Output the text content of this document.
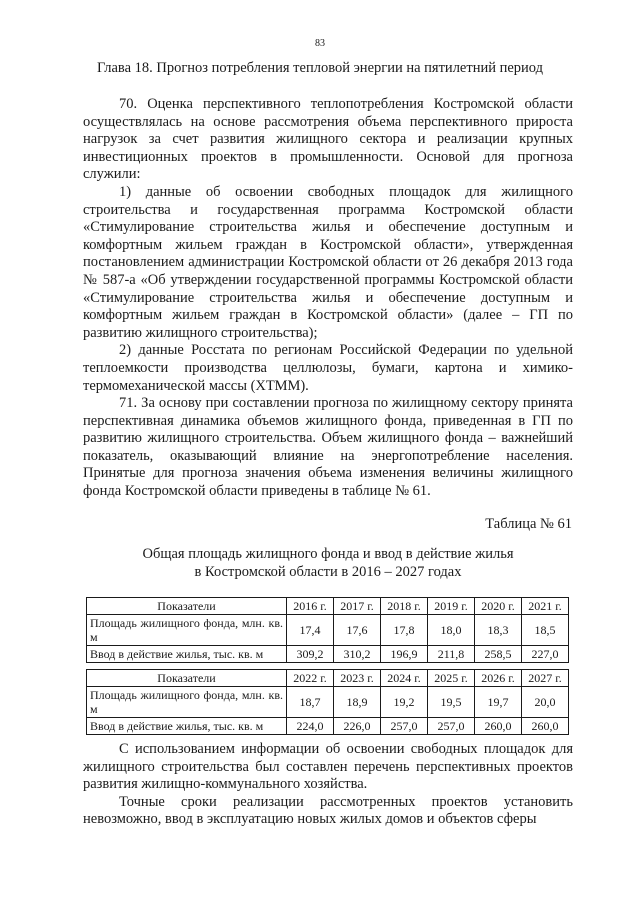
83
Глава 18. Прогноз потребления тепловой энергии на пятилетний период

70. Оценка перспективного теплопотребления Костромской области осуществлялась на основе рассмотрения объема перспективного прироста нагрузок за счет развития жилищного сектора и реализации крупных инвестиционных проектов в промышленности. Основой для прогноза служили:

1) данные об освоении свободных площадок для жилищного строительства и государственная программа Костромской области «Стимулирование строительства жилья и обеспечение доступным и комфортным жильем граждан в Костромской области», утвержденная постановлением администрации Костромской области от 26 декабря 2013 года № 587-а «Об утверждении государственной программы Костромской области «Стимулирование строительства жилья и обеспечение доступным и комфортным жильем граждан в Костромской области» (далее – ГП по развитию жилищного строительства);

2) данные Росстата по регионам Российской Федерации по удельной теплоемкости производства целлюлозы, бумаги, картона и химико-термомеханической массы (ХТММ).

71. За основу при составлении прогноза по жилищному сектору принята перспективная динамика объемов жилищного фонда, приведенная в ГП по развитию жилищного строительства. Объем жилищного фонда – важнейший показатель, оказывающий влияние на энергопотребление населения. Принятые для прогноза значения объема изменения величины жилищного фонда Костромской области приведены в таблице № 61.

Таблица № 61
Общая площадь жилищного фонда и ввод в действие жилья
в Костромской области в 2016 – 2027 годах
Показатели	2016 г.	2017 г.	2018 г.	2019 г.	2020 г.	2021 г.
Площадь жилищного фонда, млн. кв. м	17,4	17,6	17,8	18,0	18,3	18,5
Ввод в действие жилья, тыс. кв. м	309,2	310,2	196,9	211,8	258,5	227,0
Показатели	2022 г.	2023 г.	2024 г.	2025 г.	2026 г.	2027 г.
Площадь жилищного фонда, млн. кв. м	18,7	18,9	19,2	19,5	19,7	20,0
Ввод в действие жилья, тыс. кв. м	224,0	226,0	257,0	257,0	260,0	260,0

С использованием информации об освоении свободных площадок для жилищного строительства был составлен перечень перспективных проектов развития жилищно-коммунального хозяйства.

Точные сроки реализации рассмотренных проектов установить невозможно, ввод в эксплуатацию новых жилых домов и объектов сферы
